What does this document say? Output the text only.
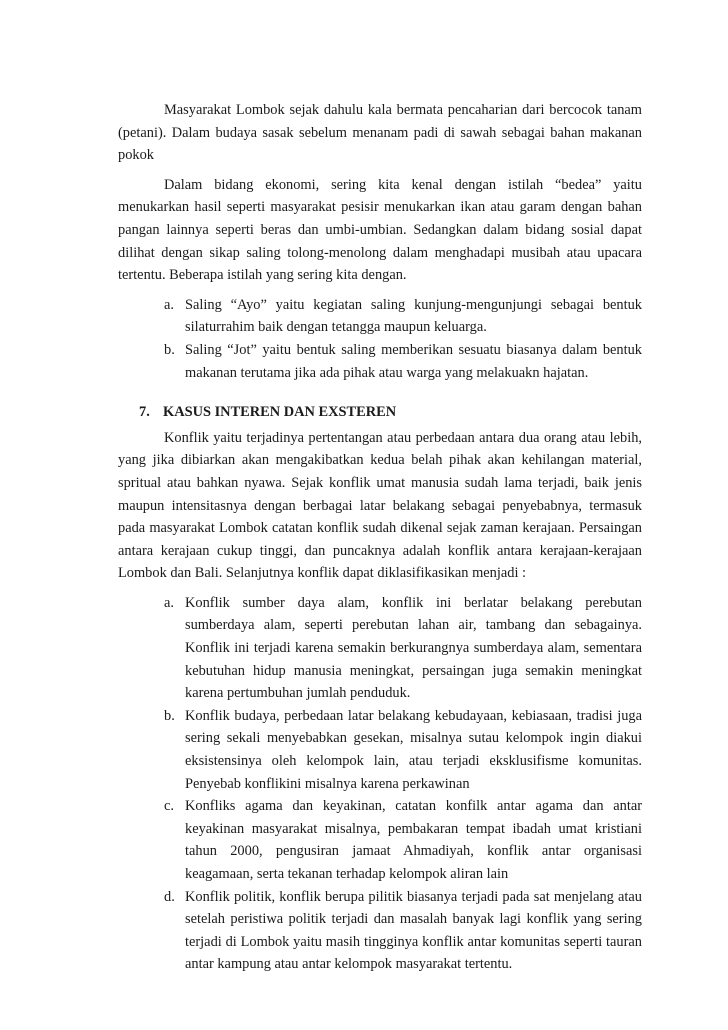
Masyarakat Lombok sejak dahulu kala bermata pencaharian dari bercocok tanam (petani). Dalam budaya sasak sebelum menanam padi di sawah sebagai bahan makanan pokok

Dalam bidang ekonomi, sering kita kenal dengan istilah “bedea” yaitu menukarkan hasil seperti masyarakat pesisir menukarkan ikan atau garam dengan bahan pangan lainnya seperti beras dan umbi-umbian. Sedangkan dalam bidang sosial dapat dilihat dengan sikap saling tolong-menolong dalam menghadapi musibah atau upacara tertentu. Beberapa istilah yang sering kita dengan.

a. Saling “Ayo” yaitu kegiatan saling kunjung-mengunjungi sebagai bentuk silaturrahim baik dengan tetangga maupun keluarga.
b. Saling “Jot” yaitu bentuk saling memberikan sesuatu biasanya dalam bentuk makanan terutama jika ada pihak atau warga yang melakuakn hajatan.
7. KASUS INTEREN DAN EXSTEREN

Konflik yaitu terjadinya pertentangan atau perbedaan antara dua orang atau lebih, yang jika dibiarkan akan mengakibatkan kedua belah pihak akan kehilangan material, spritual atau bahkan nyawa. Sejak konflik umat manusia sudah lama terjadi, baik jenis maupun intensitasnya dengan berbagai latar belakang sebagai penyebabnya, termasuk pada masyarakat Lombok catatan konflik sudah dikenal sejak zaman kerajaan. Persaingan antara kerajaan cukup tinggi, dan puncaknya adalah konflik antara kerajaan-kerajaan Lombok dan Bali. Selanjutnya konflik dapat diklasifikasikan menjadi :

a. Konflik sumber daya alam, konflik ini berlatar belakang perebutan sumberdaya alam, seperti perebutan lahan air, tambang dan sebagainya. Konflik ini terjadi karena semakin berkurangnya sumberdaya alam, sementara kebutuhan hidup manusia meningkat, persaingan juga semakin meningkat karena pertumbuhan jumlah penduduk.
b. Konflik budaya, perbedaan latar belakang kebudayaan, kebiasaan, tradisi juga sering sekali menyebabkan gesekan, misalnya sutau kelompok ingin diakui eksistensinya oleh kelompok lain, atau terjadi eksklusifisme komunitas. Penyebab konflikini misalnya karena perkawinan
c. Konfliks agama dan keyakinan, catatan konfilk antar agama dan antar keyakinan masyarakat misalnya, pembakaran tempat ibadah umat kristiani tahun 2000, pengusiran jamaat Ahmadiyah, konflik antar organisasi keagamaan, serta tekanan terhadap kelompok aliran lain
d. Konflik politik, konflik berupa pilitik biasanya terjadi pada sat menjelang atau setelah peristiwa politik terjadi dan masalah banyak lagi konflik yang sering terjadi di Lombok yaitu masih tingginya konflik antar komunitas seperti tauran antar kampung atau antar kelompok masyarakat tertentu.
